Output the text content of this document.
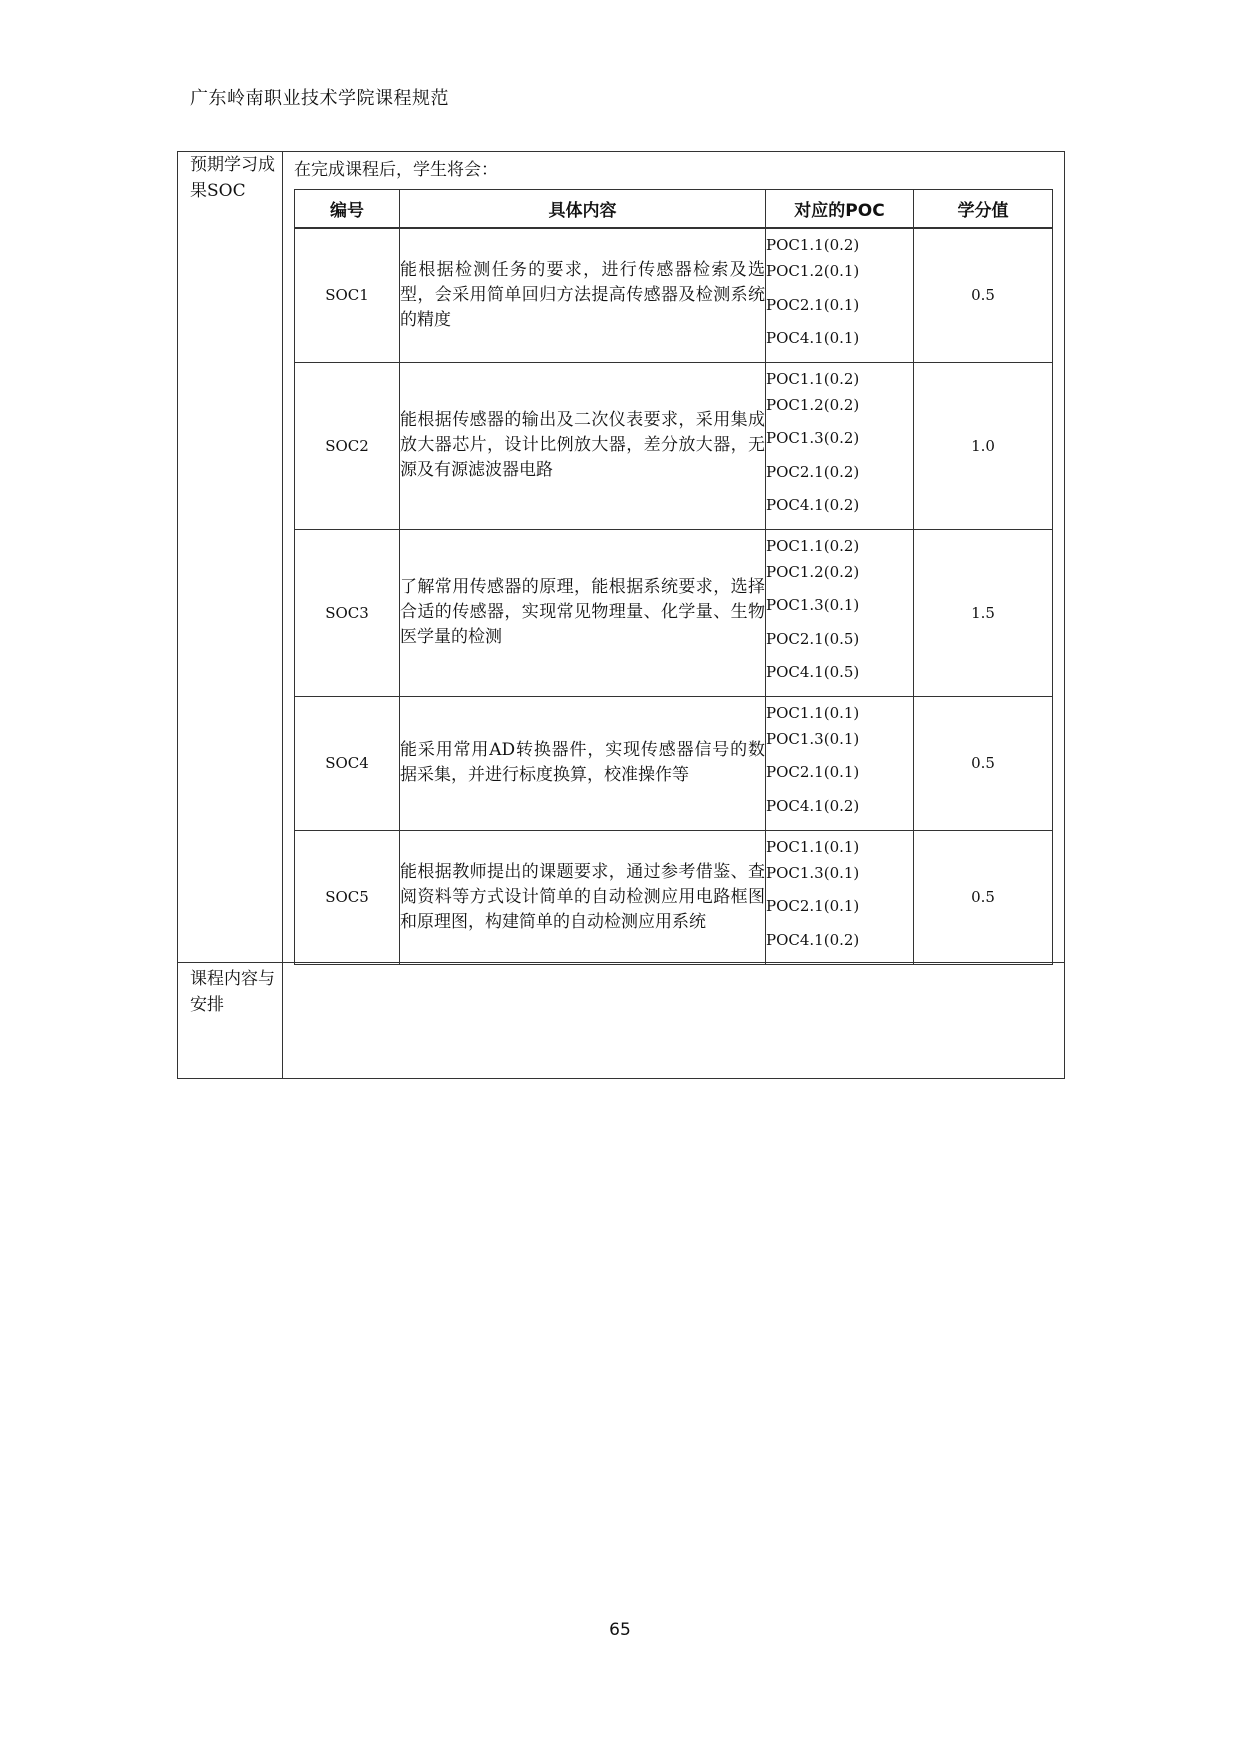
广东岭南职业技术学院课程规范
预期学习成果SOC
课程内容与安排
在完成课程后，学生将会：
编号	具体内容	对应的POC	学分值
SOC1	能根据检测任务的要求，进行传感器检索及选型，会采用简单回归方法提高传感器及检测系统的精度	POC1.1(0.2)
POC1.2(0.1)
POC2.1(0.1)
POC4.1(0.1)	0.5
SOC2	能根据传感器的输出及二次仪表要求，采用集成放大器芯片，设计比例放大器，差分放大器，无源及有源滤波器电路	POC1.1(0.2)
POC1.2(0.2)
POC1.3(0.2)
POC2.1(0.2)
POC4.1(0.2)	1.0
SOC3	了解常用传感器的原理，能根据系统要求，选择合适的传感器，实现常见物理量、化学量、生物医学量的检测	POC1.1(0.2)
POC1.2(0.2)
POC1.3(0.1)
POC2.1(0.5)
POC4.1(0.5)	1.5
SOC4	能采用常用AD转换器件，实现传感器信号的数据采集，并进行标度换算，校准操作等	POC1.1(0.1)
POC1.3(0.1)
POC2.1(0.1)
POC4.1(0.2)	0.5
SOC5	能根据教师提出的课题要求，通过参考借鉴、查阅资料等方式设计简单的自动检测应用电路框图和原理图，构建简单的自动检测应用系统	POC1.1(0.1)
POC1.3(0.1)
POC2.1(0.1)
POC4.1(0.2)	0.5
65
